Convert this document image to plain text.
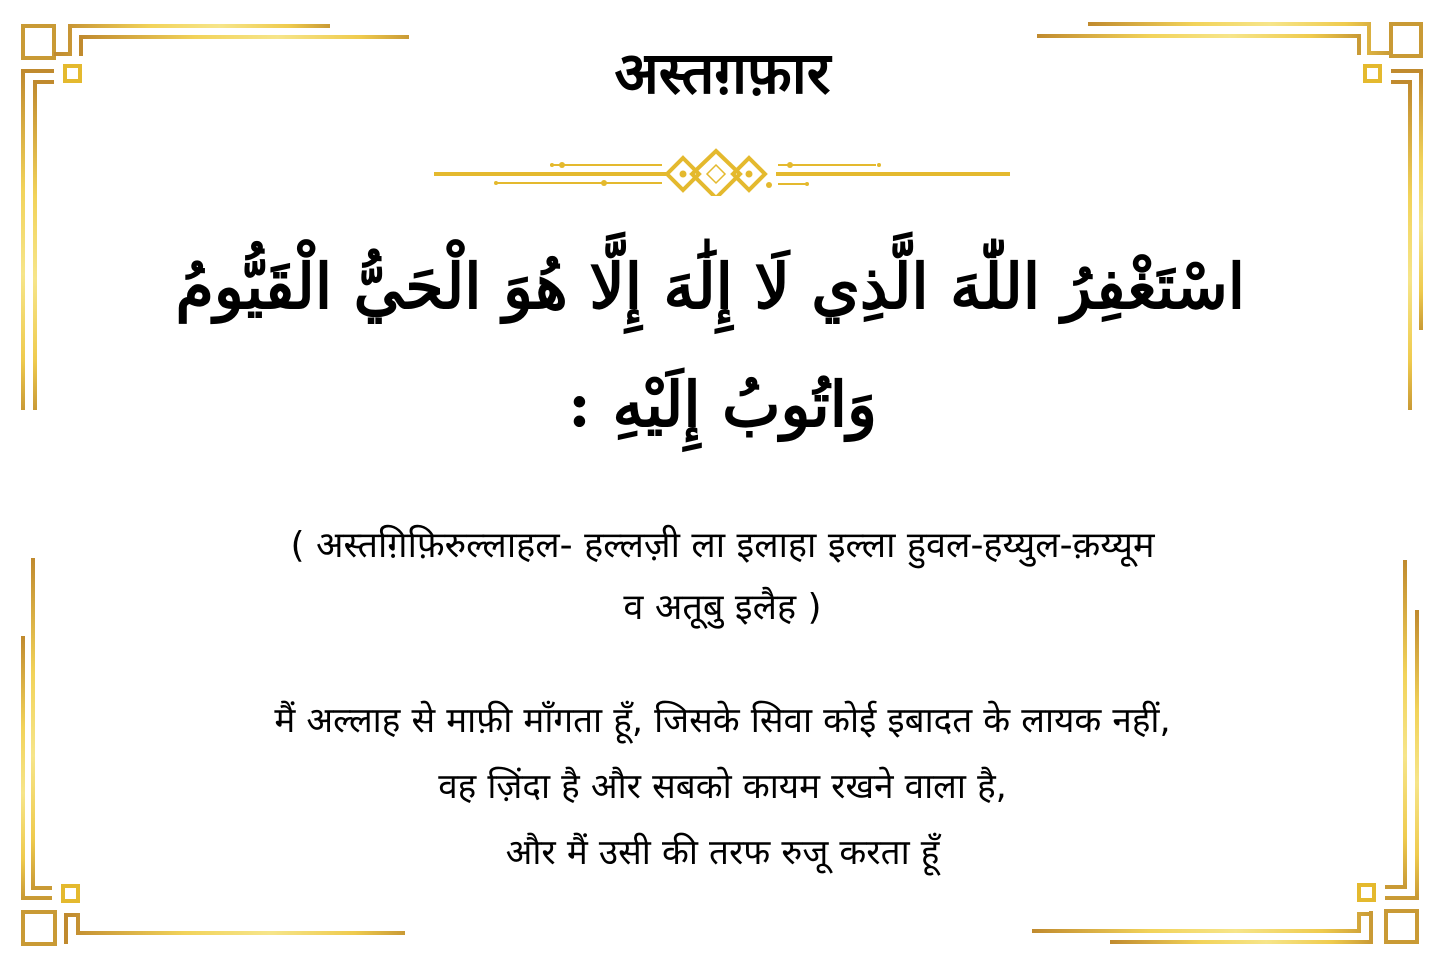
अस्तग़फ़ार
اسْتَغْفِرُ اللّٰهَ الَّذِي لَا إِلَٰهَ إِلَّا هُوَ الْحَيُّ الْقَيُّومُ
وَاتُوبُ إِلَيْهِ :
( अस्तग़िफ़िरुल्लाहल- हल्लज़ी ला इलाहा इल्ला हुवल-हय्युल-क़य्यूम
व अतूबु इलैह )
मैं अल्लाह से माफ़ी माँगता हूँ, जिसके सिवा कोई इबादत के लायक नहीं,
वह ज़िंदा है और सबको कायम रखने वाला है,
और मैं उसी की तरफ रुजू करता हूँ
